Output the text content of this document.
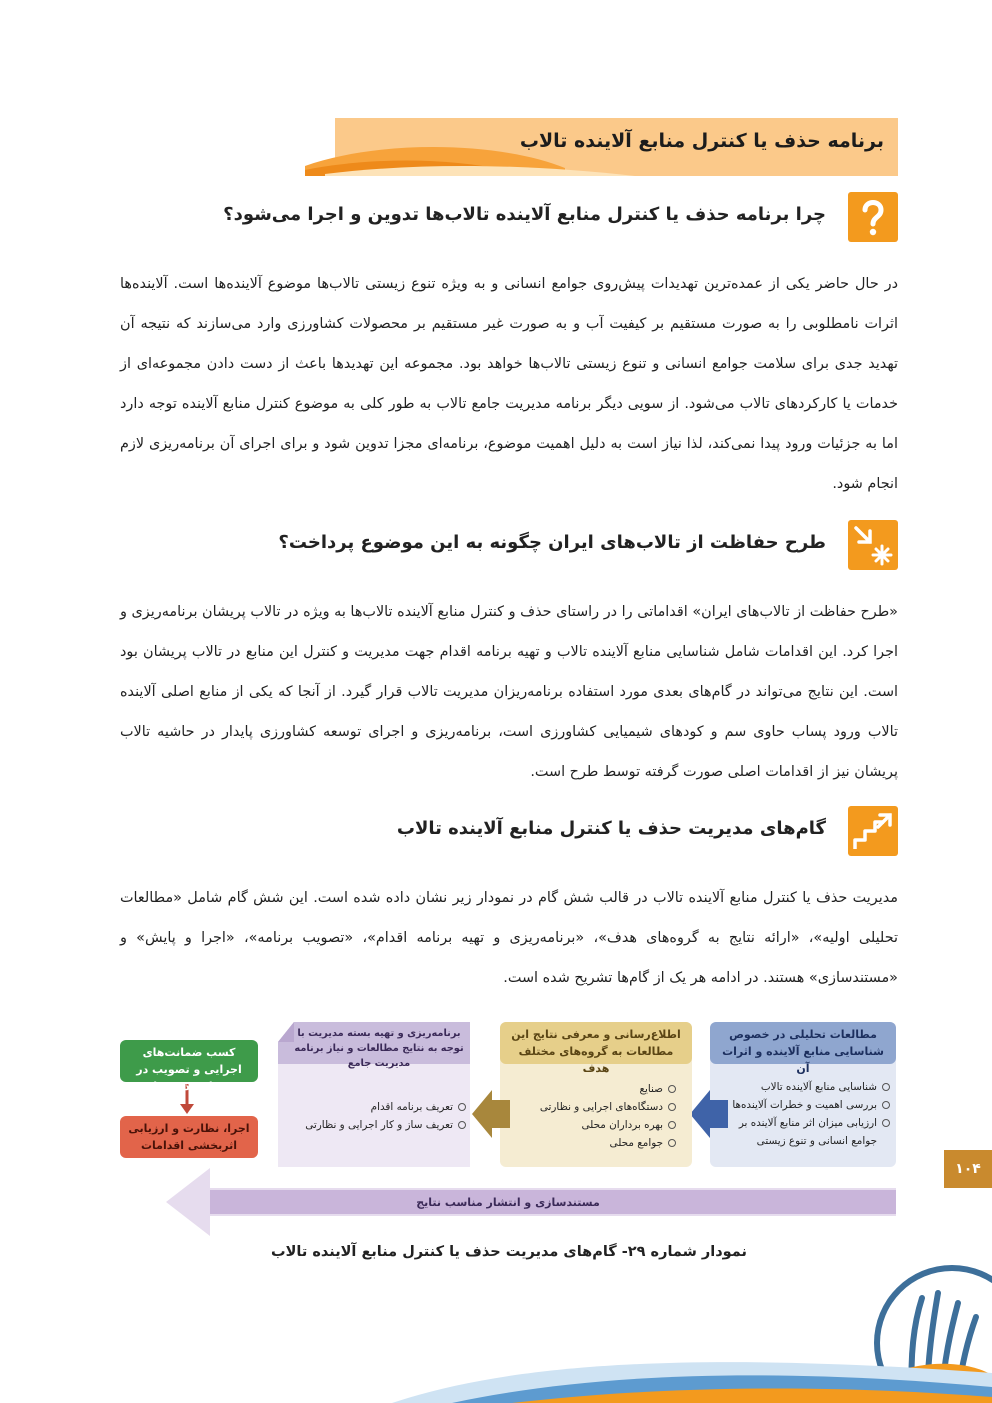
برنامه حذف یا کنترل منابع آلاینده تالاب
چرا برنامه حذف یا کنترل منابع آلاینده تالاب‌ها تدوین و اجرا می‌شود؟
در حال حاضر یکی از عمده‌ترین تهدیدات پیش‌روی جوامع انسانی و به ویژه تنوع زیستی تالاب‌ها موضوع آلاینده‌ها است. آلاینده‌ها اثرات نامطلوبی را به صورت مستقیم بر کیفیت آب و به صورت غیر مستقیم بر محصولات کشاورزی وارد می‌سازند که نتیجه آن تهدید جدی برای سلامت جوامع انسانی و تنوع زیستی تالاب‌ها خواهد بود. مجموعه این تهدیدها باعث از دست دادن مجموعه‌ای از خدمات یا کارکردهای تالاب می‌شود. از سویی دیگر برنامه مدیریت جامع تالاب به طور کلی به موضوع کنترل منابع آلاینده توجه دارد اما به جزئیات ورود پیدا نمی‌کند، لذا نیاز است به دلیل اهمیت موضوع، برنامه‌ای مجزا تدوین شود و برای اجرای آن برنامه‌ریزی لازم انجام شود.
طرح حفاظت از تالاب‌های ایران چگونه به این موضوع پرداخت؟
«طرح حفاظت از تالاب‌های ایران» اقداماتی را در راستای حذف و کنترل منابع آلاینده تالاب‌ها به ویژه در تالاب پریشان برنامه‌ریزی و اجرا کرد. این اقدامات شامل شناسایی منابع آلاینده تالاب و تهیه برنامه اقدام جهت مدیریت و کنترل این منابع در تالاب پریشان بود است. این نتایج می‌تواند در گام‌های بعدی مورد استفاده برنامه‌ریزان مدیریت تالاب قرار گیرد. از آنجا که یکی از منابع اصلی آلاینده تالاب ورود پساب حاوی سم و کودهای شیمیایی کشاورزی است، برنامه‌ریزی و اجرای توسعه کشاورزی پایدار در حاشیه تالاب پریشان نیز از اقدامات اصلی صورت گرفته توسط طرح است.
گام‌های مدیریت حذف یا کنترل منابع آلاینده تالاب
مدیریت حذف یا کنترل منابع آلاینده تالاب در قالب شش گام در نمودار زیر نشان داده شده است. این شش گام شامل «مطالعات تحلیلی اولیه»، «ارائه نتایج به گروه‌های هدف»، «برنامه‌ریزی و تهیه برنامه اقدام»، «تصویب برنامه»، «اجرا و پایش» و «مستندسازی» هستند. در ادامه هر یک از گام‌ها تشریح شده است.
مطالعات تحلیلی در خصوص شناسایی منابع آلاینده و اثرات آن
شناسایی منابع آلاینده تالاب
بررسی اهمیت و خطرات آلاینده‌ها
ارزیابی میزان اثر منابع آلاینده بر جوامع انسانی و تنوع زیستی
اطلاع‌رسانی و معرفی نتایج این مطالعات به گروه‌های مختلف هدف
صنایع
دستگاه‌های اجرایی و نظارتی
بهره برداران محلی
جوامع محلی
برنامه‌ریزی و تهیه بسته مدیریت با توجه به نتایج مطالعات و نیاز برنامه مدیریت جامع
تعریف برنامه اقدام
تعریف ساز و کار اجرایی و نظارتی
کسب ضمانت‌های اجرایی و تصویب در مراجع ذی‌ربط
اجرا، نظارت و ارزیابی اثربخشی اقدامات
مستندسازی و انتشار مناسب نتایج
نمودار شماره ۲۹- گام‌های مدیریت حذف یا کنترل منابع آلاینده تالاب
۱۰۴
